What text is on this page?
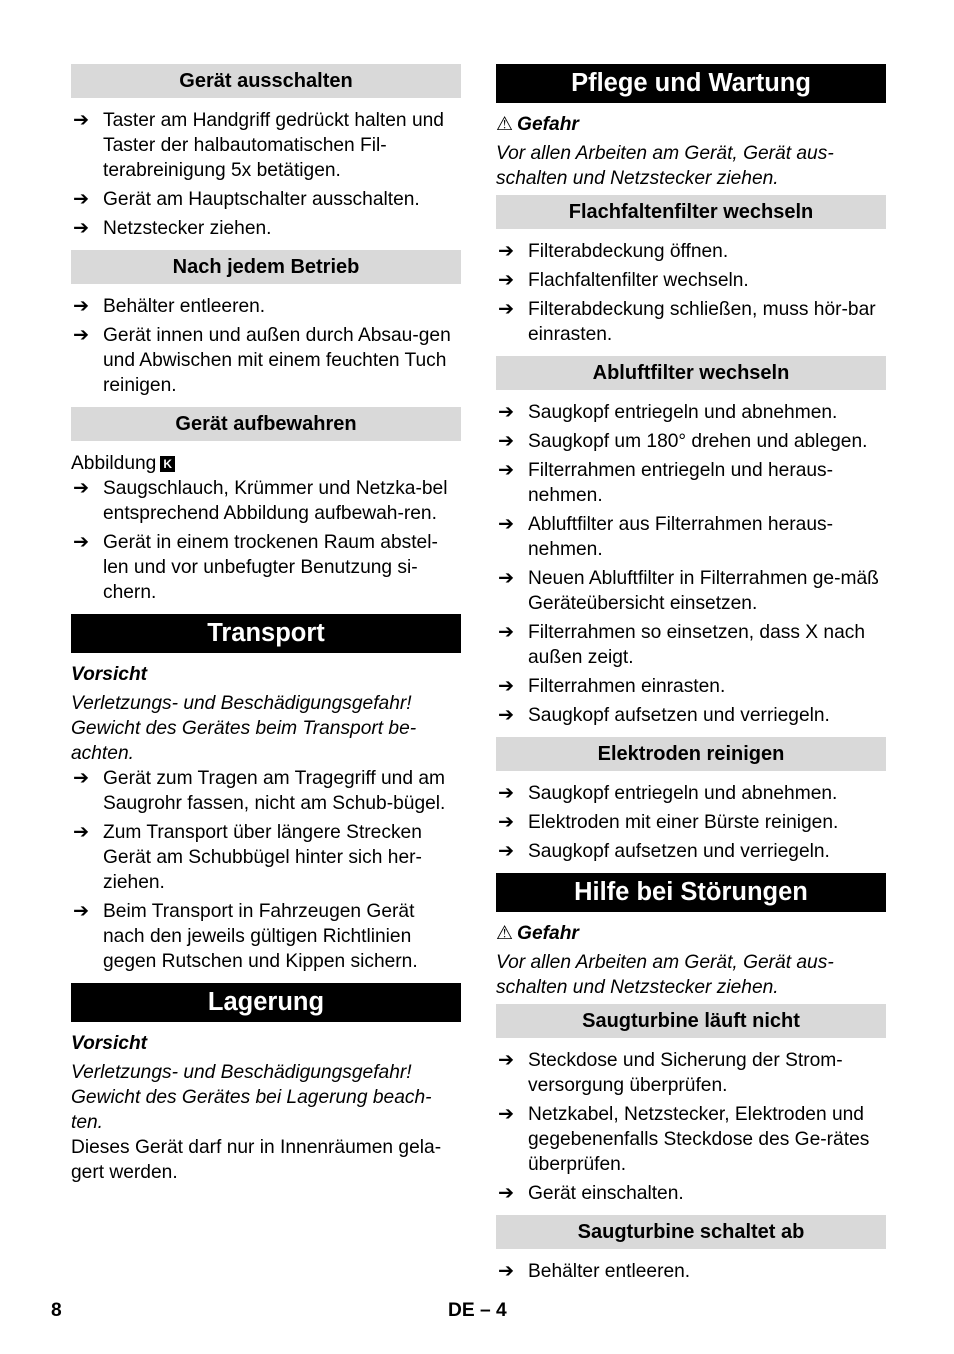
Gerät ausschalten
➔ Taster am Handgriff gedrückt halten und Taster der halbautomatischen Fil-terabreinigung 5x betätigen.
➔ Gerät am Hauptschalter ausschalten.
➔ Netzstecker ziehen.
Nach jedem Betrieb
➔ Behälter entleeren.
➔ Gerät innen und außen durch Absau-gen und Abwischen mit einem feuchten Tuch reinigen.
Gerät aufbewahren
Abbildung K
➔ Saugschlauch, Krümmer und Netzka-bel entsprechend Abbildung aufbewah-ren.
➔ Gerät in einem trockenen Raum abstel-len und vor unbefugter Benutzung si-chern.
Transport
Vorsicht
Verletzungs- und Beschädigungsgefahr! Gewicht des Gerätes beim Transport be-achten.
➔ Gerät zum Tragen am Tragegriff und am Saugrohr fassen, nicht am Schub-bügel.
➔ Zum Transport über längere Strecken Gerät am Schubbügel hinter sich her-ziehen.
➔ Beim Transport in Fahrzeugen Gerät nach den jeweils gültigen Richtlinien gegen Rutschen und Kippen sichern.
Lagerung
Vorsicht
Verletzungs- und Beschädigungsgefahr! Gewicht des Gerätes bei Lagerung beach-ten.
Dieses Gerät darf nur in Innenräumen gela-gert werden.
Pflege und Wartung
⚠ Gefahr
Vor allen Arbeiten am Gerät, Gerät aus-schalten und Netzstecker ziehen.
Flachfaltenfilter wechseln
➔ Filterabdeckung öffnen.
➔ Flachfaltenfilter wechseln.
➔ Filterabdeckung schließen, muss hör-bar einrasten.
Abluftfilter wechseln
➔ Saugkopf entriegeln und abnehmen.
➔ Saugkopf um 180° drehen und ablegen.
➔ Filterrahmen entriegeln und heraus-nehmen.
➔ Abluftfilter aus Filterrahmen heraus-nehmen.
➔ Neuen Abluftfilter in Filterrahmen ge-mäß Geräteübersicht einsetzen.
➔ Filterrahmen so einsetzen, dass X nach außen zeigt.
➔ Filterrahmen einrasten.
➔ Saugkopf aufsetzen und verriegeln.
Elektroden reinigen
➔ Saugkopf entriegeln und abnehmen.
➔ Elektroden mit einer Bürste reinigen.
➔ Saugkopf aufsetzen und verriegeln.
Hilfe bei Störungen
⚠ Gefahr
Vor allen Arbeiten am Gerät, Gerät aus-schalten und Netzstecker ziehen.
Saugturbine läuft nicht
➔ Steckdose und Sicherung der Strom-versorgung überprüfen.
➔ Netzkabel, Netzstecker, Elektroden und gegebenenfalls Steckdose des Ge-rätes überprüfen.
➔ Gerät einschalten.
Saugturbine schaltet ab
➔ Behälter entleeren.
8	DE – 4
